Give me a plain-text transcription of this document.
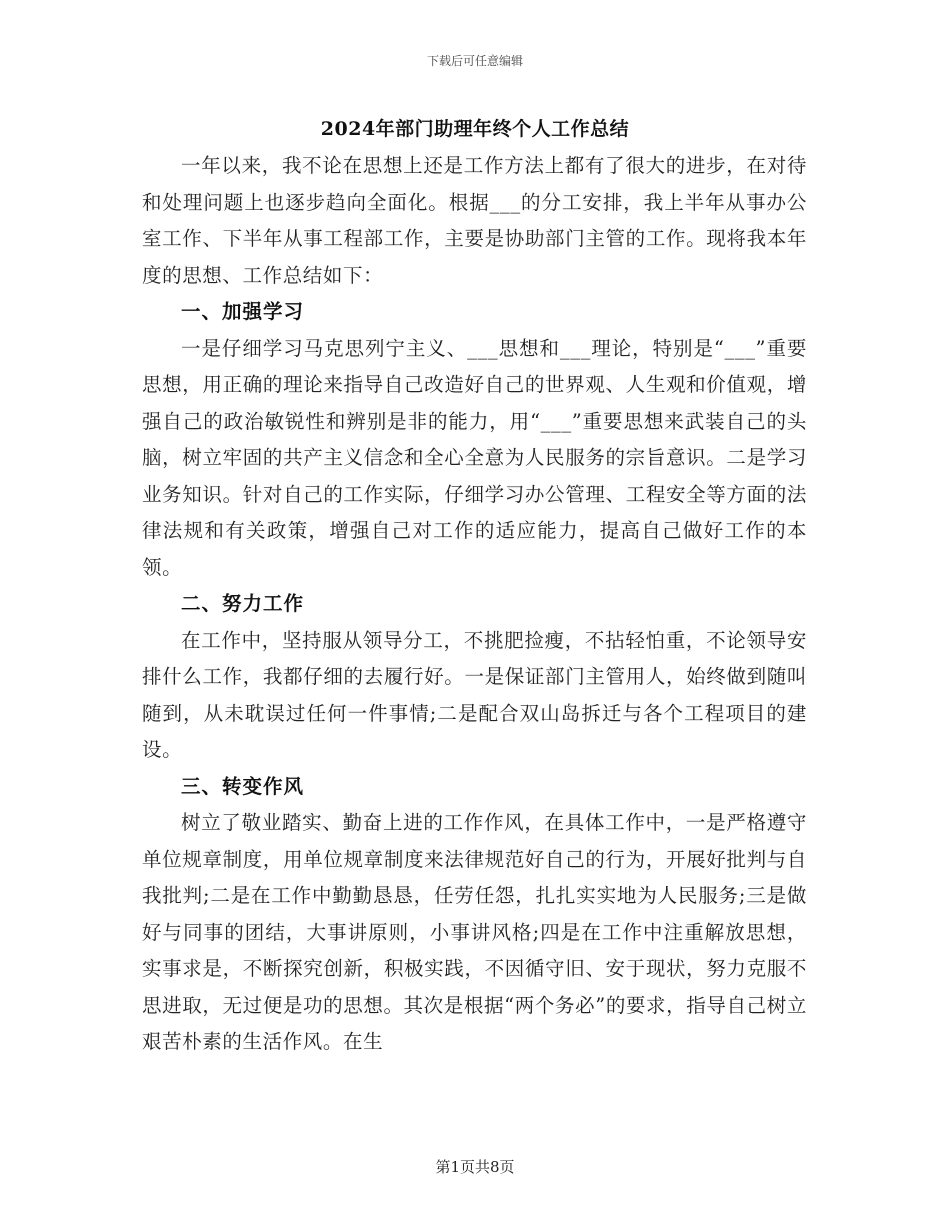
下载后可任意编辑
2024年部门助理年终个人工作总结

一年以来，我不论在思想上还是工作方法上都有了很大的进步，在对待和处理问题上也逐步趋向全面化。根据___的分工安排，我上半年从事办公室工作、下半年从事工程部工作，主要是协助部门主管的工作。现将我本年度的思想、工作总结如下：

一、加强学习

一是仔细学习马克思列宁主义、___思想和___理论，特别是“___”重要思想，用正确的理论来指导自己改造好自己的世界观、人生观和价值观，增强自己的政治敏锐性和辨别是非的能力，用“___”重要思想来武装自己的头脑，树立牢固的共产主义信念和全心全意为人民服务的宗旨意识。二是学习业务知识。针对自己的工作实际，仔细学习办公管理、工程安全等方面的法律法规和有关政策，增强自己对工作的适应能力，提高自己做好工作的本领。

二、努力工作

在工作中，坚持服从领导分工，不挑肥捡瘦，不拈轻怕重，不论领导安排什么工作，我都仔细的去履行好。一是保证部门主管用人，始终做到随叫随到，从未耽误过任何一件事情;二是配合双山岛拆迁与各个工程项目的建设。

三、转变作风

树立了敬业踏实、勤奋上进的工作作风，在具体工作中，一是严格遵守单位规章制度，用单位规章制度来法律规范好自己的行为，开展好批判与自我批判;二是在工作中勤勤恳恳，任劳任怨，扎扎实实地为人民服务;三是做好与同事的团结，大事讲原则，小事讲风格;四是在工作中注重解放思想，实事求是，不断探究创新，积极实践，不因循守旧、安于现状，努力克服不思进取，无过便是功的思想。其次是根据“两个务必”的要求，指导自己树立艰苦朴素的生活作风。在生

第1页共8页
